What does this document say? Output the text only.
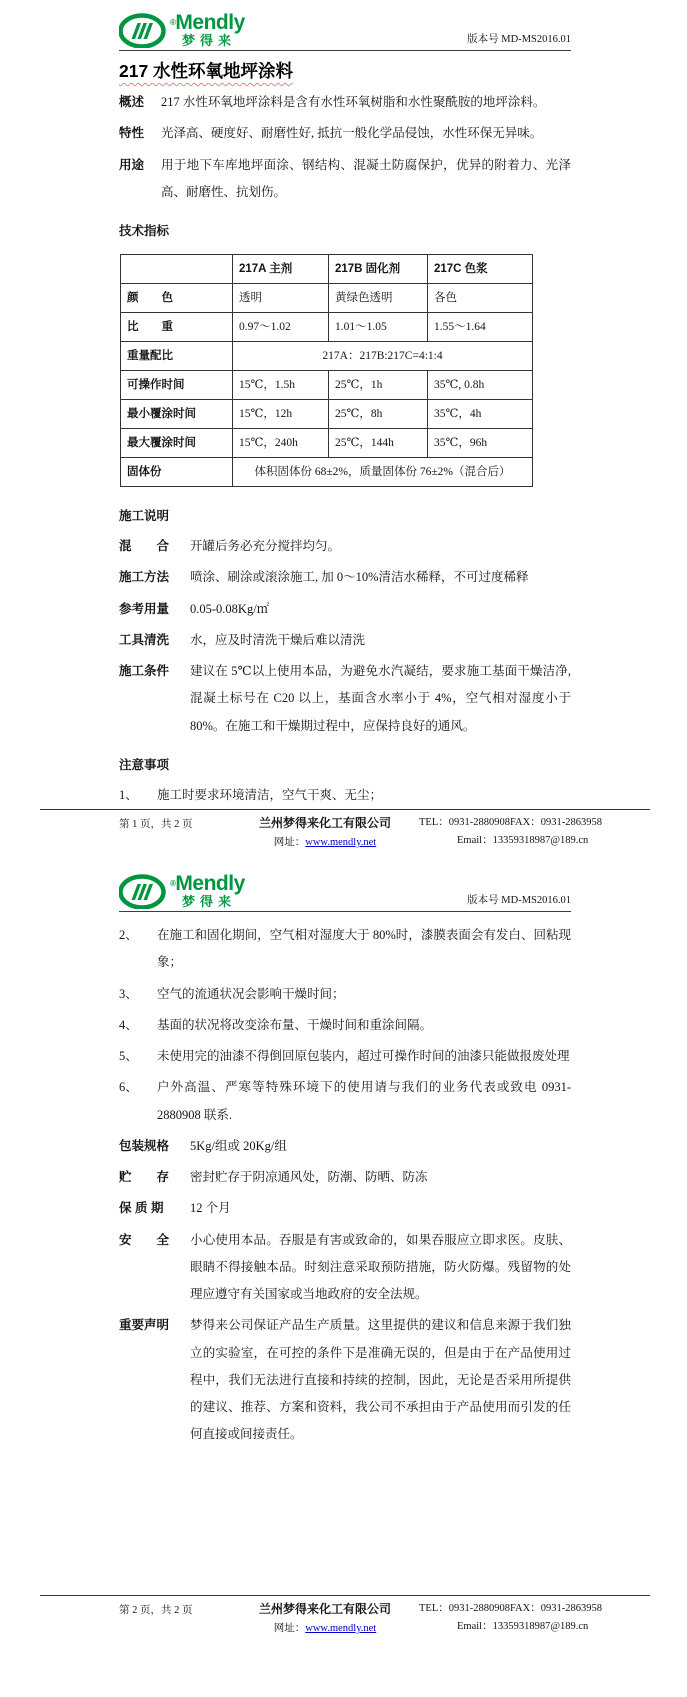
®Mendly
梦得来	版本号 MD-MS2016.01
217 水性环氧地坪涂料
概述	217 水性环氧地坪涂料是含有水性环氧树脂和水性聚酰胺的地坪涂料。
特性	光泽高、硬度好、耐磨性好, 抵抗一般化学品侵蚀，水性环保无异味。
用途	用于地下车库地坪面涂、钢结构、混凝土防腐保护，优异的附着力、光泽高、耐磨性、抗划伤。
技术指标
	217A 主剂	217B 固化剂	217C 色浆
颜　　色	透明	黄绿色透明	各色
比　　重	0.97～1.02	1.01～1.05	1.55～1.64
重量配比	217A：217B:217C=4:1:4		
可操作时间	15℃，1.5h	25℃，1h	35℃, 0.8h
最小覆涂时间	15℃，12h	25℃，8h	35℃，4h
最大覆涂时间	15℃，240h	25℃，144h	35℃，96h
固体份	体积固体份 68±2%，质量固体份 76±2%（混合后）		
施工说明
混　　合	开罐后务必充分搅拌均匀。
施工方法	喷涂、刷涂或滚涂施工, 加 0～10%清洁水稀释，不可过度稀释
参考用量	0.05-0.08Kg/㎡
工具清洗	水，应及时清洗干燥后难以清洗
施工条件	建议在 5℃以上使用本品，为避免水汽凝结，要求施工基面干燥洁净, 混凝土标号在 C20 以上，基面含水率小于 4%，空气相对湿度小于 80%。在施工和干燥期过程中，应保持良好的通风。
注意事项
1、	施工时要求环境清洁，空气干爽、无尘；
第 1 页，共 2 页	兰州梦得来化工有限公司
网址：www.mendly.net
TEL：0931-2880908 FAX：0931-2863958
Email：13359318987@189.cn
®Mendly
梦得来	版本号 MD-MS2016.01
2、	在施工和固化期间，空气相对湿度大于 80%时，漆膜表面会有发白、回粘现象；
3、	空气的流通状况会影响干燥时间；
4、	基面的状况将改变涂布量、干燥时间和重涂间隔。
5、	未使用完的油漆不得倒回原包装内，超过可操作时间的油漆只能做报废处理
6、	户外高温、严寒等特殊环境下的使用请与我们的业务代表或致电 0931-2880908 联系.
包装规格	5Kg/组或 20Kg/组
贮　　存	密封贮存于阴凉通风处，防潮、防晒、防冻
保 质 期	12 个月
安　　全	小心使用本品。吞服是有害或致命的，如果吞服应立即求医。皮肤、眼睛不得接触本品。时刻注意采取预防措施，防火防爆。残留物的处理应遵守有关国家或当地政府的安全法规。
重要声明	梦得来公司保证产品生产质量。这里提供的建议和信息来源于我们独立的实验室，在可控的条件下是准确无误的，但是由于在产品使用过程中，我们无法进行直接和持续的控制，因此，无论是否采用所提供的建议、推荐、方案和资料，我公司不承担由于产品使用而引发的任何直接或间接责任。
第 2 页，共 2 页	兰州梦得来化工有限公司
网址：www.mendly.net
TEL：0931-2880908 FAX：0931-2863958
Email：13359318987@189.cn
